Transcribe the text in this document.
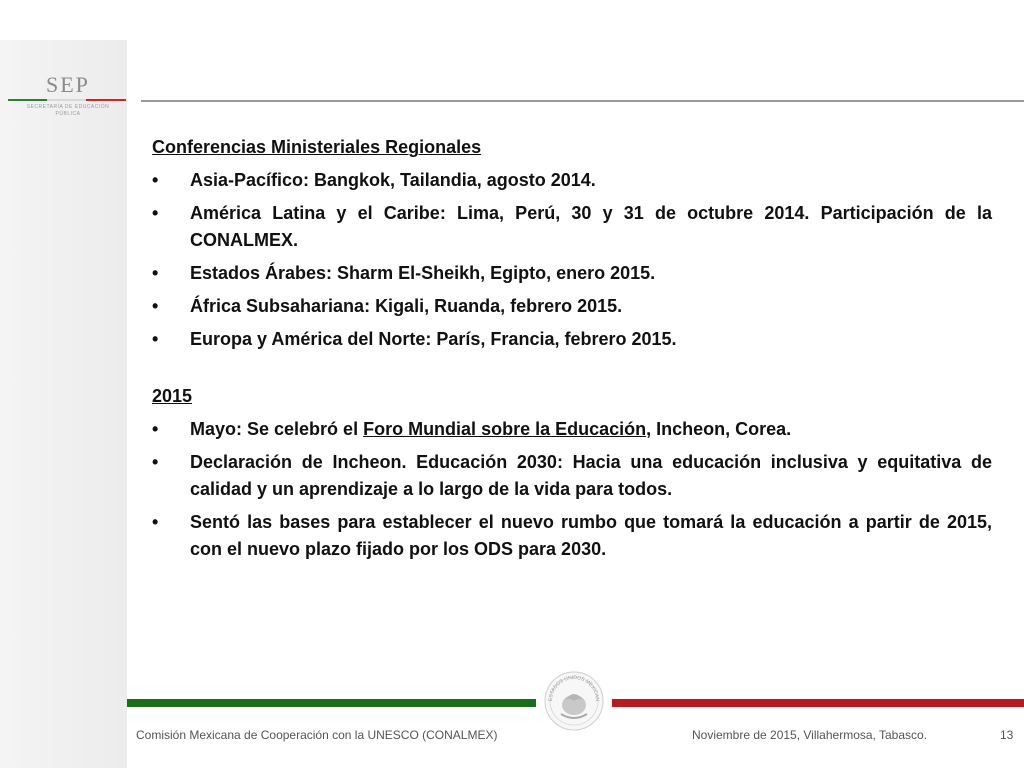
SEP
SECRETARÍA DE EDUCACIÓN PÚBLICA
Conferencias Ministeriales Regionales
• Asia-Pacífico: Bangkok, Tailandia, agosto 2014.
• América Latina y el Caribe: Lima, Perú, 30 y 31 de octubre 2014. Participación de la CONALMEX.
• Estados Árabes: Sharm El-Sheikh, Egipto, enero 2015.
• África Subsahariana: Kigali, Ruanda, febrero 2015.
• Europa y América del Norte: París, Francia, febrero 2015.
2015
• Mayo: Se celebró el Foro Mundial sobre la Educación, Incheon, Corea.
• Declaración de Incheon. Educación 2030: Hacia una educación inclusiva y equitativa de calidad y un aprendizaje a lo largo de la vida para todos.
• Sentó las bases para establecer el nuevo rumbo que tomará la educación a partir de 2015, con el nuevo plazo fijado por los ODS para 2030.
ESTADOS UNIDOS MEXICAN
Comisión Mexicana de Cooperación con la UNESCO (CONALMEX)	Noviembre de 2015, Villahermosa, Tabasco.	13
